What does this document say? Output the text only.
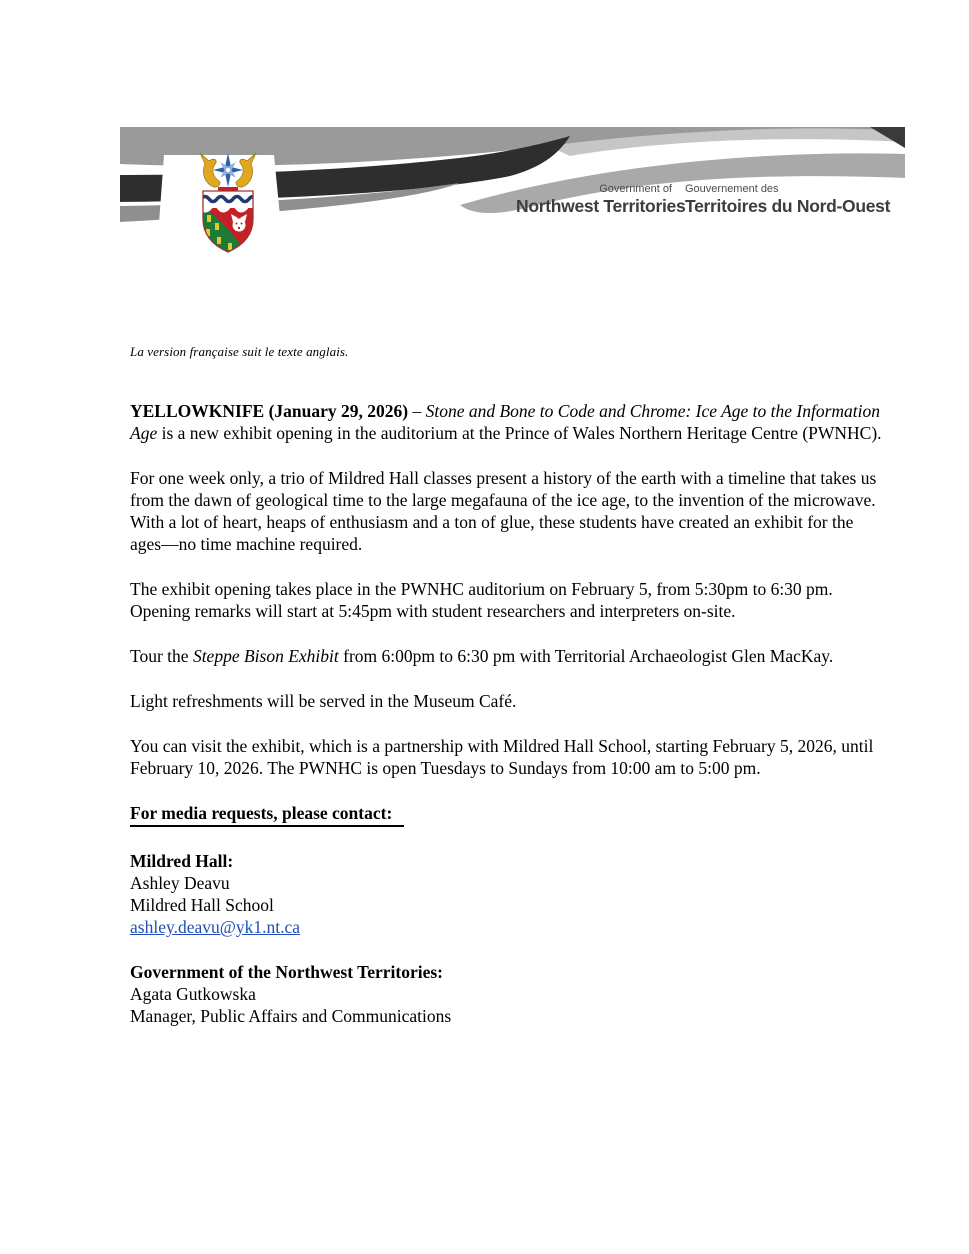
Government of
Northwest Territories
Gouvernement des
Territoires du Nord-Ouest
La version française suit le texte anglais.

YELLOWKNIFE (January 29, 2026) – Stone and Bone to Code and Chrome: Ice Age to the Information Age is a new exhibit opening in the auditorium at the Prince of Wales Northern Heritage Centre (PWNHC).

For one week only, a trio of Mildred Hall classes present a history of the earth with a timeline that takes us from the dawn of geological time to the large megafauna of the ice age, to the invention of the microwave. With a lot of heart, heaps of enthusiasm and a ton of glue, these students have created an exhibit for the ages—no time machine required.

The exhibit opening takes place in the PWNHC auditorium on February 5, from 5:30pm to 6:30 pm. Opening remarks will start at 5:45pm with student researchers and interpreters on-site.

Tour the Steppe Bison Exhibit from 6:00pm to 6:30 pm with Territorial Archaeologist Glen MacKay.

Light refreshments will be served in the Museum Café.

You can visit the exhibit, which is a partnership with Mildred Hall School, starting February 5, 2026, until February 10, 2026. The PWNHC is open Tuesdays to Sundays from 10:00 am to 5:00 pm.

For media requests, please contact:
Mildred Hall:
Ashley Deavu
Mildred Hall School
ashley.deavu@yk1.nt.ca
Government of the Northwest Territories:
Agata Gutkowska
Manager, Public Affairs and Communications
